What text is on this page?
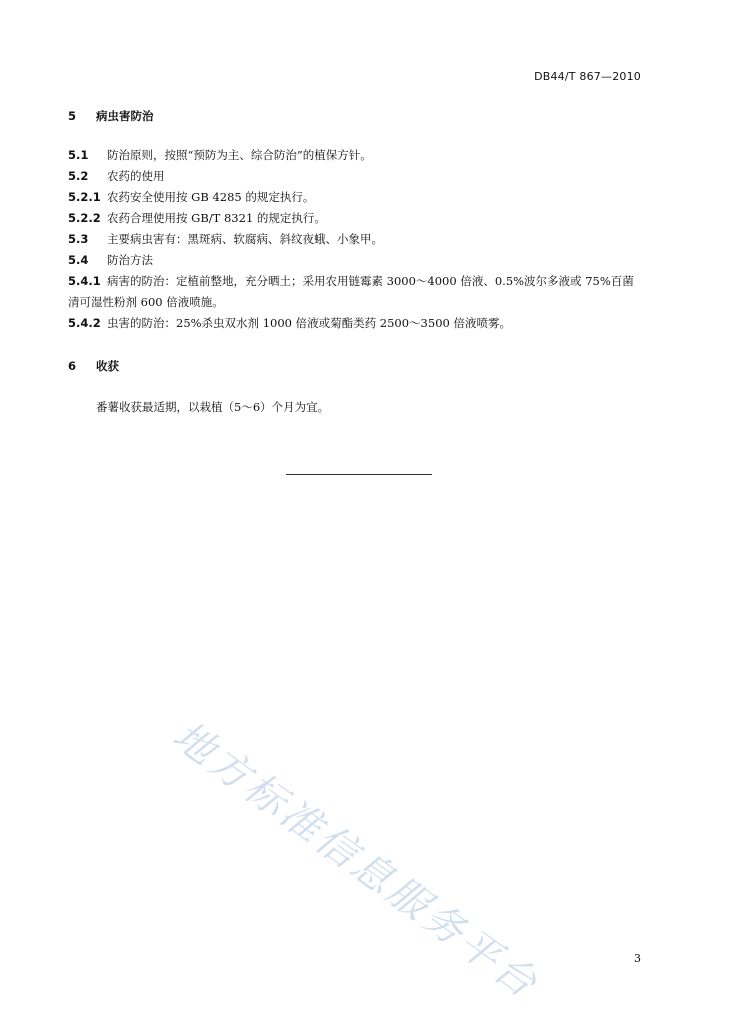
DB44/T 867—2010
5 病虫害防治
5.1 防治原则，按照“预防为主、综合防治”的植保方针。
5.2 农药的使用
5.2.1 农药安全使用按 GB 4285 的规定执行。
5.2.2 农药合理使用按 GB/T 8321 的规定执行。
5.3 主要病虫害有：黑斑病、软腐病、斜纹夜蛾、小象甲。
5.4 防治方法
5.4.1 病害的防治：定植前整地，充分晒土；采用农用链霉素 3000～4000 倍液、0.5%波尔多液或 75%百菌清可湿性粉剂 600 倍液喷施。
5.4.2 虫害的防治：25%杀虫双水剂 1000 倍液或菊酯类药 2500～3500 倍液喷雾。
6 收获
番薯收获最适期，以栽植（5～6）个月为宜。
地方标准信息服务平台	3
